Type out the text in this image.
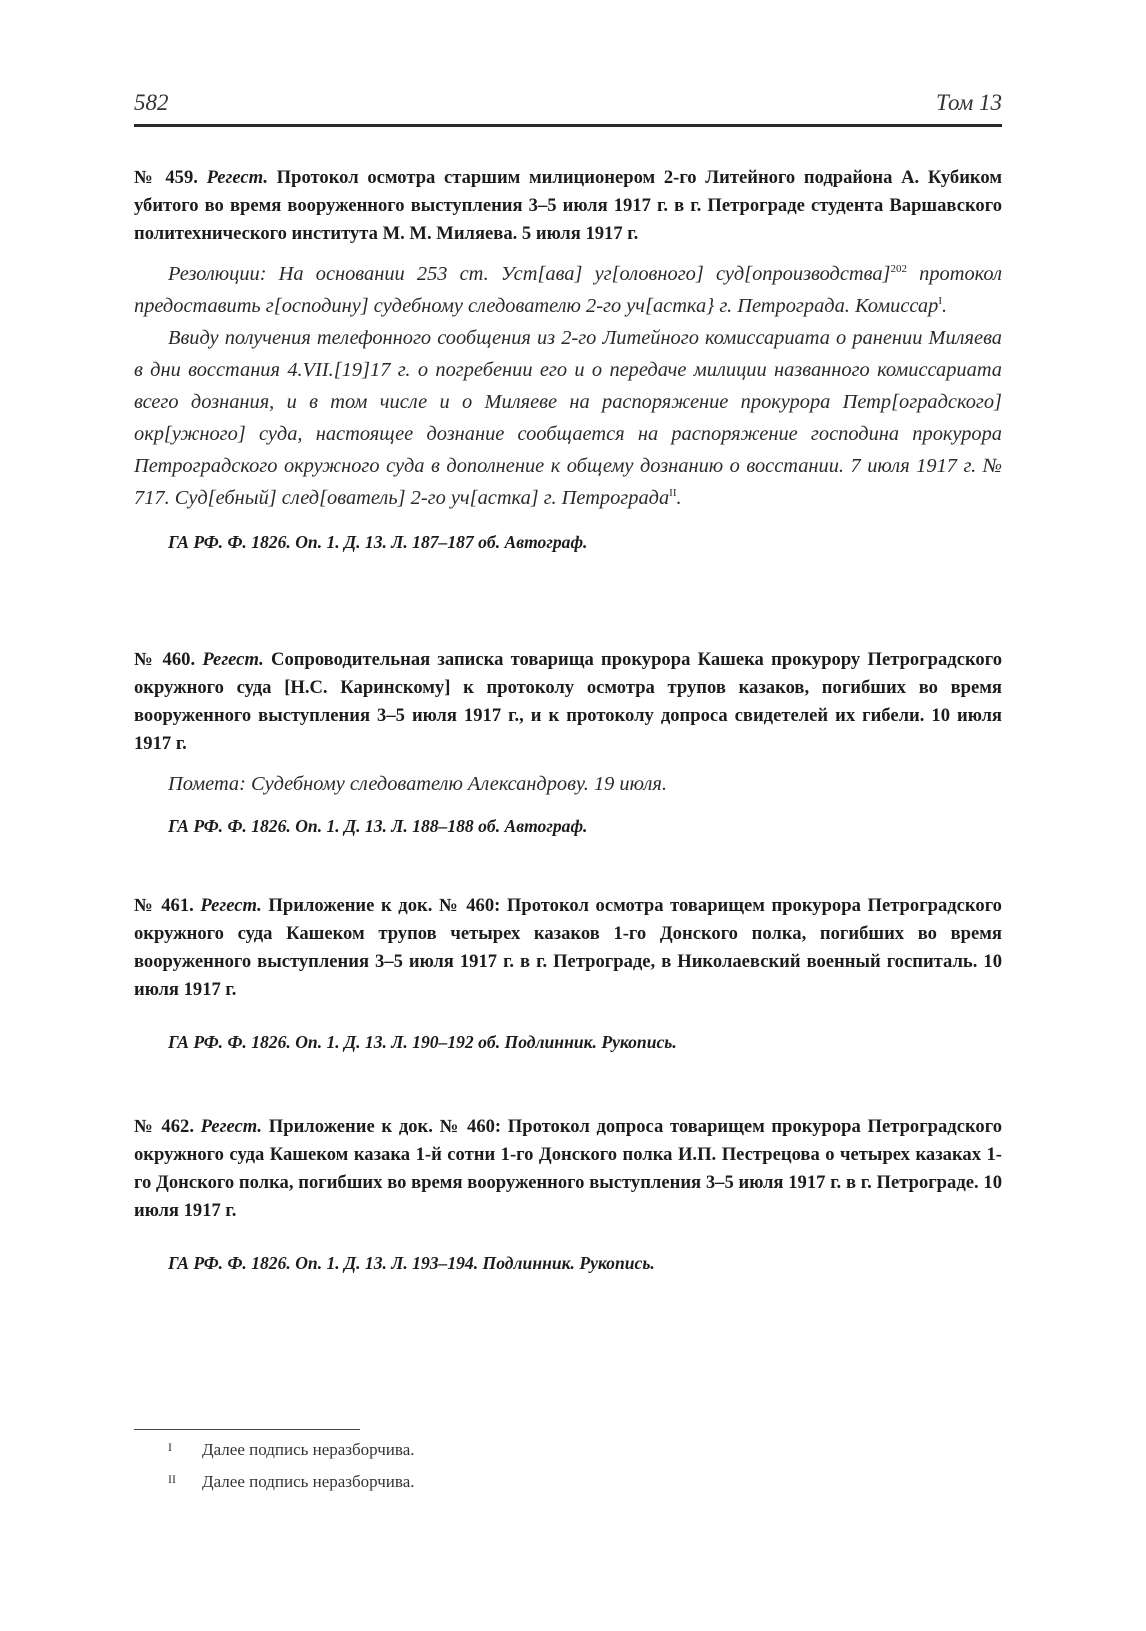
582	Том 13

№ 459. Регест. Протокол осмотра старшим милиционером 2-го Литейного подрайона А. Кубиком убитого во время вооруженного выступления 3–5 июля 1917 г. в г. Петрограде студента Варшавского политехнического института М. М. Миляева. 5 июля 1917 г.

Резолюции: На основании 253 ст. Уст[ава] уг[оловного] суд[опроизводства]$^{202}$ протокол предоставить г[осподину] судебному следователю 2-го уч[астка} г. Петрограда. Комиссар$^I$.

Ввиду получения телефонного сообщения из 2-го Литейного комиссариата о ранении Миляева в дни восстания 4.VII.[19]17 г. о погребении его и о передаче милиции названного комиссариата всего дознания, и в том числе и о Миляеве на распоряжение прокурора Петр[оградского] окр[ужного] суда, настоящее дознание сообщается на распоряжение господина прокурора Петроградского окружного суда в дополнение к общему дознанию о восстании. 7 июля 1917 г. № 717. Суд[ебный] след[ователь] 2-го уч[астка] г. Петрограда$^{II}$.

ГА РФ. Ф. 1826. Оп. 1. Д. 13. Л. 187–187 об. Автограф.

№ 460. Регест. Сопроводительная записка товарища прокурора Кашека прокурору Петроградского окружного суда [Н.С. Каринскому] к протоколу осмотра трупов казаков, погибших во время вооруженного выступления 3–5 июля 1917 г., и к протоколу допроса свидетелей их гибели. 10 июля 1917 г.

Помета: Судебному следователю Александрову. 19 июля.

ГА РФ. Ф. 1826. Оп. 1. Д. 13. Л. 188–188 об. Автограф.

№ 461. Регест. Приложение к док. № 460: Протокол осмотра товарищем прокурора Петроградского окружного суда Кашеком трупов четырех казаков 1-го Донского полка, погибших во время вооруженного выступления 3–5 июля 1917 г. в г. Петрограде, в Николаевский военный госпиталь. 10 июля 1917 г.

ГА РФ. Ф. 1826. Оп. 1. Д. 13. Л. 190–192 об. Подлинник. Рукопись.

№ 462. Регест. Приложение к док. № 460: Протокол допроса товарищем прокурора Петроградского окружного суда Кашеком казака 1-й сотни 1-го Донского полка И.П. Пестрецова о четырех казаках 1-го Донского полка, погибших во время вооруженного выступления 3–5 июля 1917 г. в г. Петрограде. 10 июля 1917 г.

ГА РФ. Ф. 1826. Оп. 1. Д. 13. Л. 193–194. Подлинник. Рукопись.

I Далее подпись неразборчива.
II Далее подпись неразборчива.
